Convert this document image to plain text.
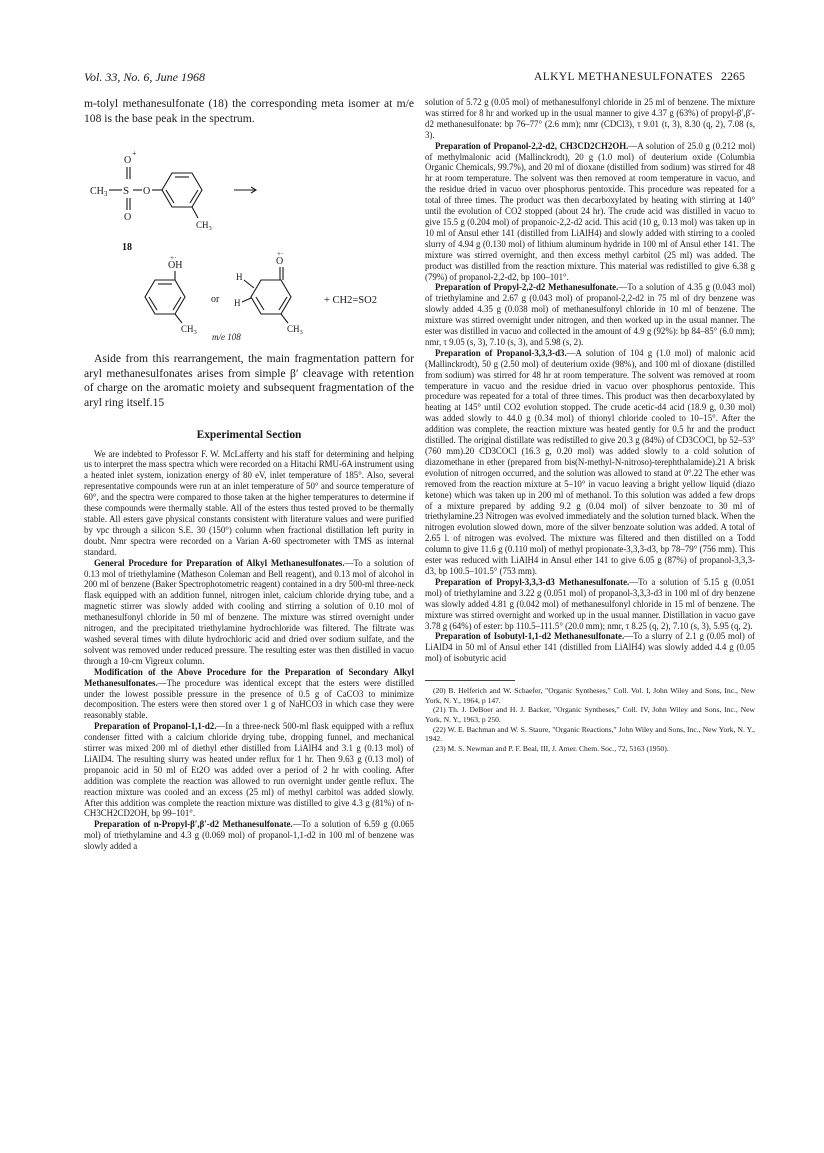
Vol. 33, No. 6, June 1968	ALKYL METHANESULFONATES 2265

m-tolyl methanesulfonate (18) the corresponding meta isomer at m/e 108 is the base peak in the spectrum.

$CH_3$ S
O
+
O
O
$CH_3$
18
OH
+·
$CH_3$
or
O
+·
H
H
$CH_3$
+ CH2=SO2
m/e 108

Aside from this rearrangement, the main fragmentation pattern for aryl methanesulfonates arises from simple β′ cleavage with retention of charge on the aromatic moiety and subsequent fragmentation of the aryl ring itself.15

Experimental Section

We are indebted to Professor F. W. McLafferty and his staff for determining and helping us to interpret the mass spectra which were recorded on a Hitachi RMU-6A instrument using a heated inlet system, ionization energy of 80 eV, inlet temperature of 185°. Also, several representative compounds were run at an inlet temperature of 50° and source temperature of 60°, and the spectra were compared to those taken at the higher temperatures to determine if these compounds were thermally stable. All of the esters thus tested proved to be thermally stable. All esters gave physical constants consistent with literature values and were purified by vpc through a silicon S.E. 30 (150°) column when fractional distillation left purity in doubt. Nmr spectra were recorded on a Varian A-60 spectrometer with TMS as internal standard.

General Procedure for Preparation of Alkyl Methanesulfonates.—To a solution of 0.13 mol of triethylamine (Matheson Coleman and Bell reagent), and 0.13 mol of alcohol in 200 ml of benzene (Baker Spectrophotometric reagent) contained in a dry 500-ml three-neck flask equipped with an addition funnel, nitrogen inlet, calcium chloride drying tube, and a magnetic stirrer was slowly added with cooling and stirring a solution of 0.10 mol of methanesulfonyl chloride in 50 ml of benzene. The mixture was stirred overnight under nitrogen, and the precipitated triethylamine hydrochloride was filtered. The filtrate was washed several times with dilute hydrochloric acid and dried over sodium sulfate, and the solvent was removed under reduced pressure. The resulting ester was then distilled in vacuo through a 10-cm Vigreux column.

Modification of the Above Procedure for the Preparation of Secondary Alkyl Methanesulfonates.—The procedure was identical except that the esters were distilled under the lowest possible pressure in the presence of 0.5 g of CaCO3 to minimize decomposition. The esters were then stored over 1 g of NaHCO3 in which case they were reasonably stable.

Preparation of Propanol-1,1-d2.—In a three-neck 500-ml flask equipped with a reflux condenser fitted with a calcium chloride drying tube, dropping funnel, and mechanical stirrer was mixed 200 ml of diethyl ether distilled from LiAlH4 and 3.1 g (0.13 mol) of LiAlD4. The resulting slurry was heated under reflux for 1 hr. Then 9.63 g (0.13 mol) of propanoic acid in 50 ml of Et2O was added over a period of 2 hr with cooling. After addition was complete the reaction was allowed to run overnight under gentle reflux. The reaction mixture was cooled and an excess (25 ml) of methyl carbitol was added slowly. After this addition was complete the reaction mixture was distilled to give 4.3 g (81%) of n-CH3CH2CD2OH, bp 99–101°.

Preparation of n-Propyl-β′,β′-d2 Methanesulfonate.—To a solution of 6.59 g (0.065 mol) of triethylamine and 4.3 g (0.069 mol) of propanol-1,1-d2 in 100 ml of benzene was slowly added a

solution of 5.72 g (0.05 mol) of methanesulfonyl chloride in 25 ml of benzene. The mixture was stirred for 8 hr and worked up in the usual manner to give 4.37 g (63%) of propyl-β′,β′-d2 methanesulfonate: bp 76–77° (2.6 mm); nmr (CDCl3), τ 9.01 (t, 3), 8.30 (q, 2), 7.08 (s, 3).

Preparation of Propanol-2,2-d2, CH3CD2CH2OH.—A solution of 25.0 g (0.212 mol) of methylmalonic acid (Mallinckrodt), 20 g (1.0 mol) of deuterium oxide (Columbia Organic Chemicals, 99.7%), and 20 ml of dioxane (distilled from sodium) was stirred for 48 hr at room temperature. The solvent was then removed at room temperature in vacuo, and the residue dried in vacuo over phosphorus pentoxide. This procedure was repeated for a total of three times. The product was then decarboxylated by heating with stirring at 140° until the evolution of CO2 stopped (about 24 hr). The crude acid was distilled in vacuo to give 15.5 g (0.204 mol) of propanoic-2,2-d2 acid. This acid (10 g, 0.13 mol) was taken up in 10 ml of Ansul ether 141 (distilled from LiAlH4) and slowly added with stirring to a cooled slurry of 4.94 g (0.130 mol) of lithium aluminum hydride in 100 ml of Ansul ether 141. The mixture was stirred overnight, and then excess methyl carbitol (25 ml) was added. The product was distilled from the reaction mixture. This material was redistilled to give 6.38 g (79%) of propanol-2,2-d2, bp 100–101°.

Preparation of Propyl-2,2-d2 Methanesulfonate.—To a solution of 4.35 g (0.043 mol) of triethylamine and 2.67 g (0.043 mol) of propanol-2,2-d2 in 75 ml of dry benzene was slowly added 4.35 g (0.038 mol) of methanesulfonyl chloride in 10 ml of benzene. The mixture was stirred overnight under nitrogen, and then worked up in the usual manner. The ester was distilled in vacuo and collected in the amount of 4.9 g (92%): bp 84–85° (6.0 mm); nmr, τ 9.05 (s, 3), 7.10 (s, 3), and 5.98 (s, 2).

Preparation of Propanol-3,3,3-d3.—A solution of 104 g (1.0 mol) of malonic acid (Mallinckrodt), 50 g (2.50 mol) of deuterium oxide (98%), and 100 ml of dioxane (distilled from sodium) was stirred for 48 hr at room temperature. The solvent was removed at room temperature in vacuo and the residue dried in vacuo over phosphorus pentoxide. This procedure was repeated for a total of three times. This product was then decarboxylated by heating at 145° until CO2 evolution stopped. The crude acetic-d4 acid (18.9 g, 0.30 mol) was added slowly to 44.0 g (0.34 mol) of thionyl chloride cooled to 10–15°. After the addition was complete, the reaction mixture was heated gently for 0.5 hr and the product distilled. The original distillate was redistilled to give 20.3 g (84%) of CD3COCl, bp 52–53° (760 mm).20 CD3COCl (16.3 g, 0.20 mol) was added slowly to a cold solution of diazomethane in ether (prepared from bis(N-methyl-N-nitroso)-terephthalamide).21 A brisk evolution of nitrogen occurred, and the solution was allowed to stand at 0°.22 The ether was removed from the reaction mixture at 5–10° in vacuo leaving a bright yellow liquid (diazo ketone) which was taken up in 200 ml of methanol. To this solution was added a few drops of a mixture prepared by adding 9.2 g (0.04 mol) of silver benzoate to 30 ml of triethylamine.23 Nitrogen was evolved immediately and the solution turned black. When the nitrogen evolution slowed down, more of the silver benzoate solution was added. A total of 2.65 l. of nitrogen was evolved. The mixture was filtered and then distilled on a Todd column to give 11.6 g (0.110 mol) of methyl propionate-3,3,3-d3, bp 78–79° (756 mm). This ester was reduced with LiAlH4 in Ansul ether 141 to give 6.05 g (87%) of propanol-3,3,3-d3, bp 100.5–101.5° (753 mm).

Preparation of Propyl-3,3,3-d3 Methanesulfonate.—To a solution of 5.15 g (0.051 mol) of triethylamine and 3.22 g (0.051 mol) of propanol-3,3,3-d3 in 100 ml of dry benzene was slowly added 4.81 g (0.042 mol) of methanesulfonyl chloride in 15 ml of benzene. The mixture was stirred overnight and worked up in the usual manner. Distillation in vacuo gave 3.78 g (64%) of ester: bp 110.5–111.5° (20.0 mm); nmr, τ 8.25 (q, 2), 7.10 (s, 3), 5.95 (q, 2).

Preparation of Isobutyl-1,1-d2 Methanesulfonate.—To a slurry of 2.1 g (0.05 mol) of LiAlD4 in 50 ml of Ansul ether 141 (distilled from LiAlH4) was slowly added 4.4 g (0.05 mol) of isobutyric acid

(20) B. Helferich and W. Schaefer, "Organic Syntheses," Coll. Vol. I, John Wiley and Sons, Inc., New York, N. Y., 1964, p 147.

(21) Th. J. DeBoer and H. J. Backer, "Organic Syntheses," Coll. IV, John Wiley and Sons, Inc., New York, N. Y., 1963, p 250.

(22) W. E. Bachman and W. S. Staure, "Organic Reactions," John Wiley and Sons, Inc., New York, N. Y., 1942.

(23) M. S. Newman and P. F. Beal, III, J. Amer. Chem. Soc., 72, 5163 (1950).
